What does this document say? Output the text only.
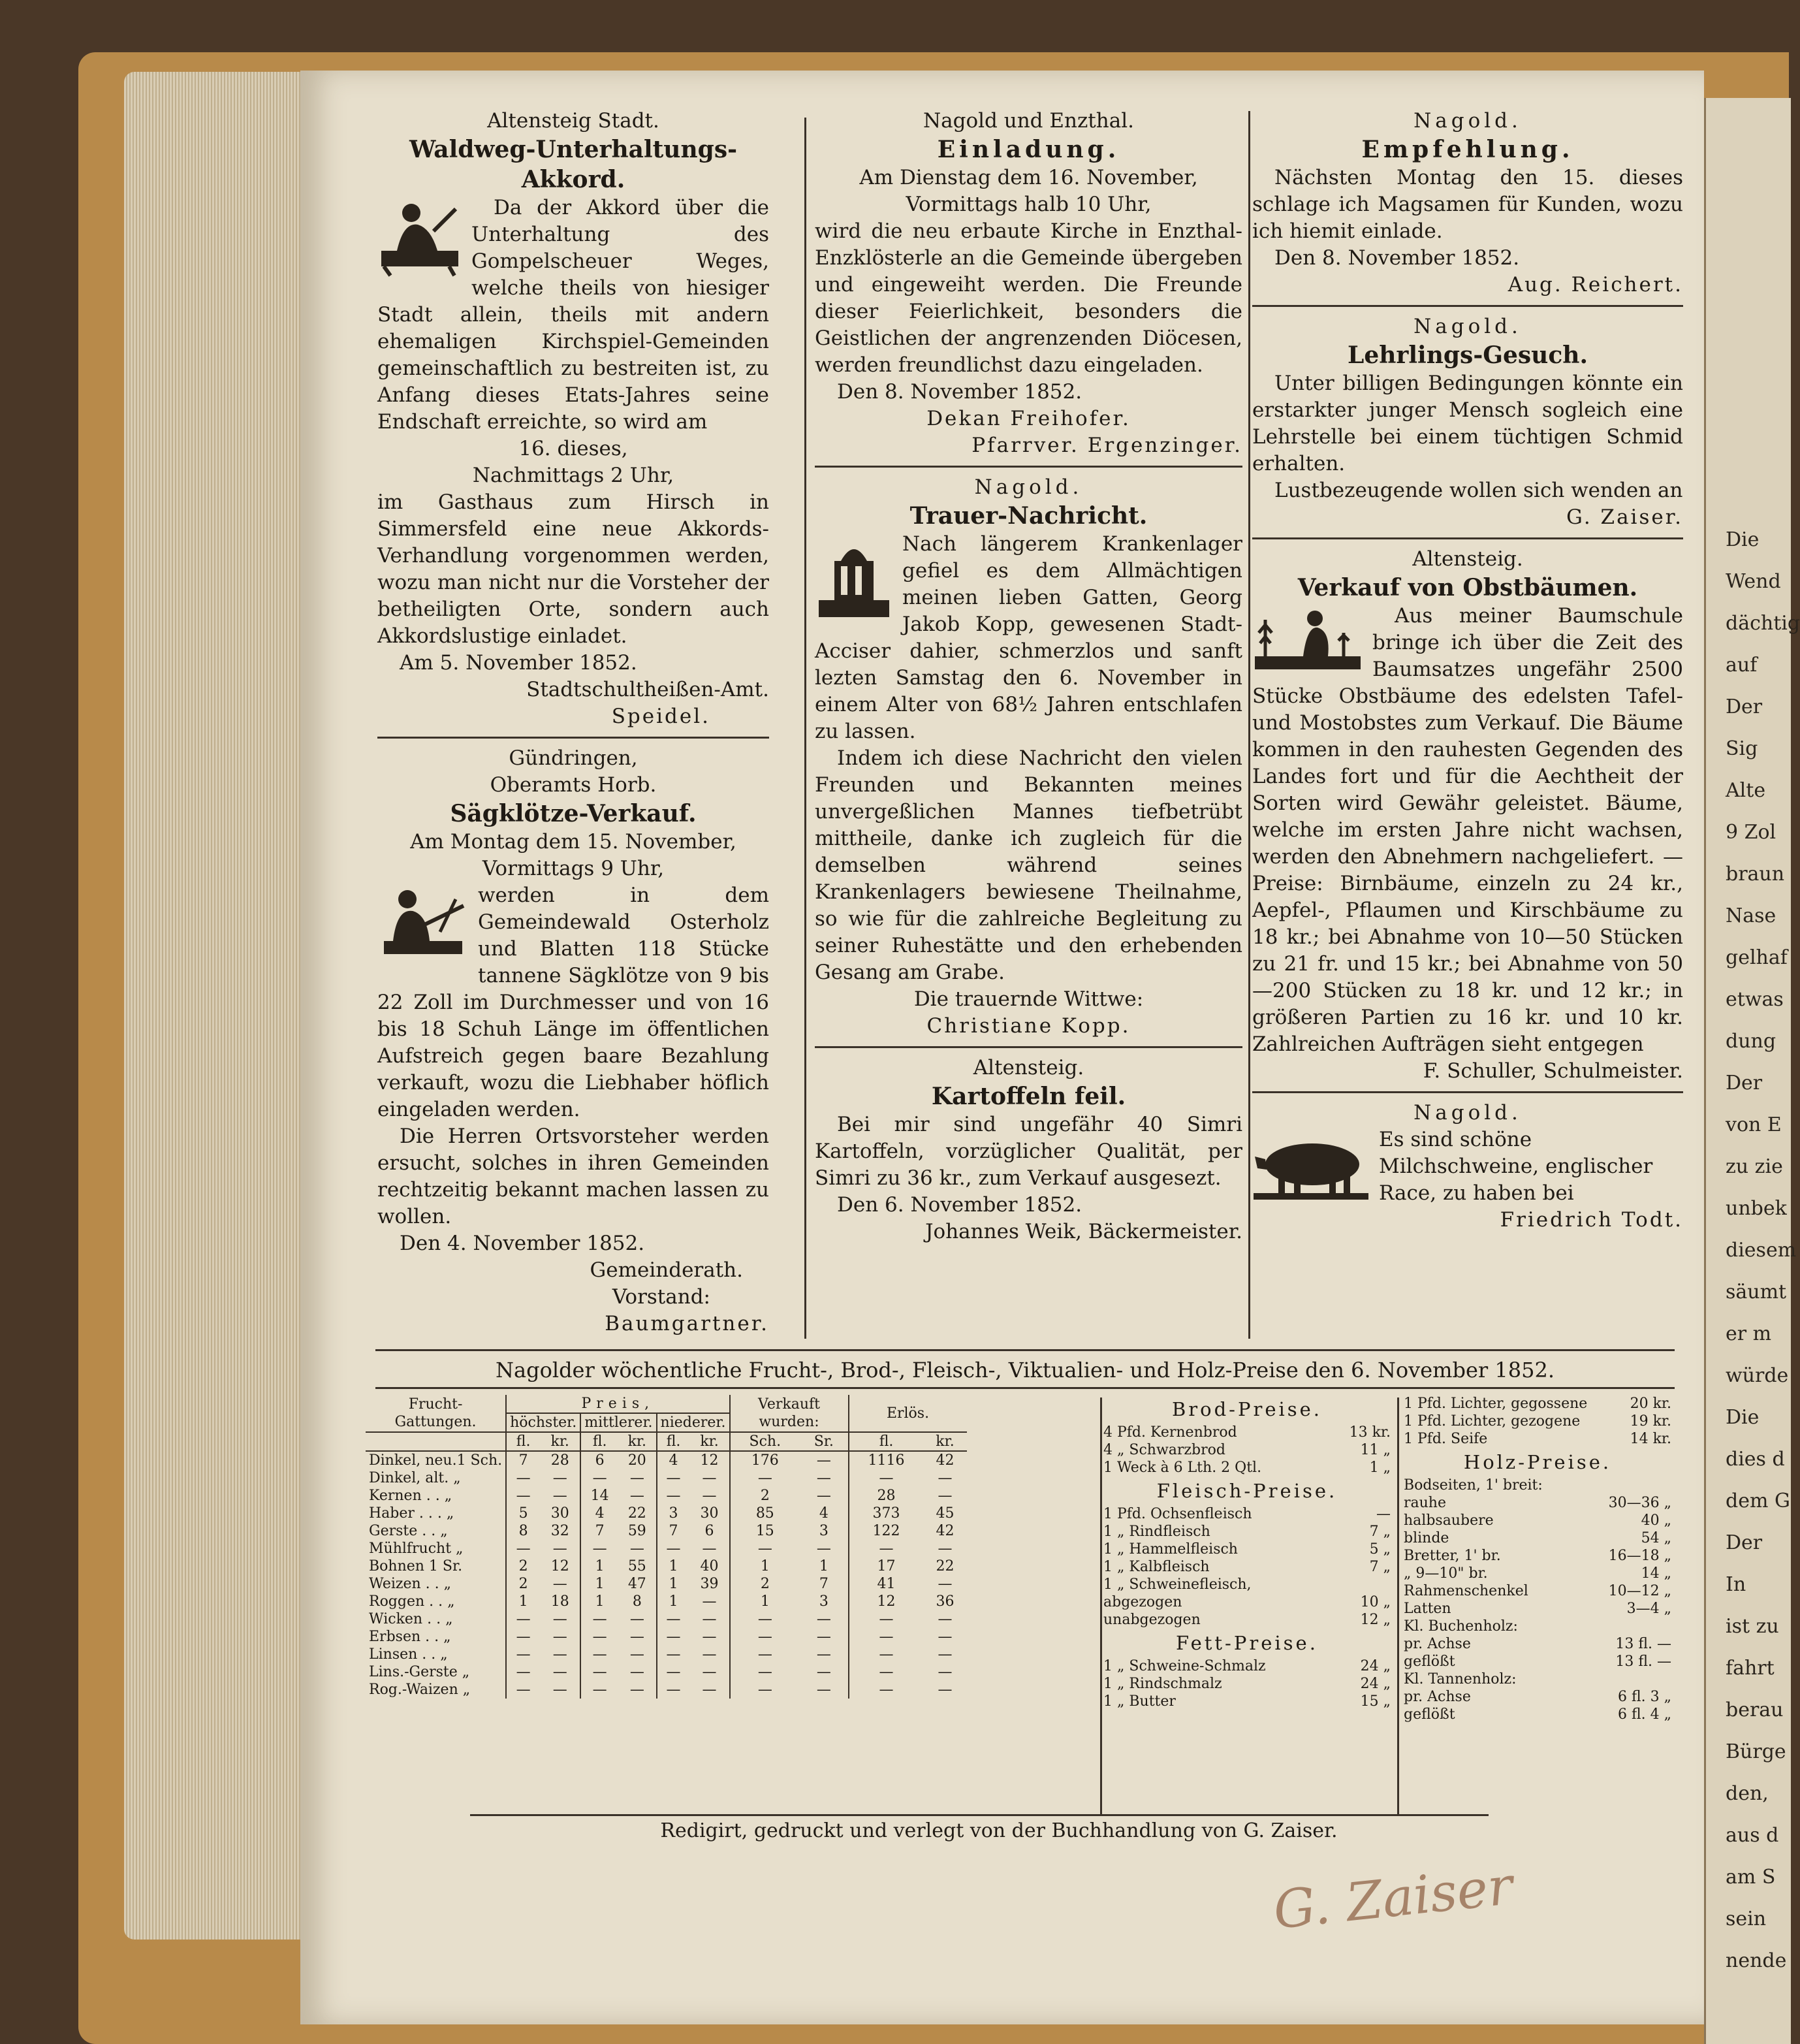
Die
Wend
dächtig
auf
Der
Sig
Alte
9 Zol
braun
Nase
gelhaf
etwas
dung
Der
von E
zu zie
unbek
diesem
säumt
er m
würde
Die
dies d
dem G
Der
In
ist zu
fahrt
berau
Bürge
den,
aus d
am S
sein
nende
Altensteig Stadt.
Waldweg-Unterhaltungs-Akkord.
Da der Akkord über die Unterhaltung des Gompelscheuer Weges, welche theils von hiesiger Stadt allein, theils mit andern ehemaligen Kirchspiel-Gemeinden gemeinschaftlich zu bestreiten ist, zu Anfang dieses Etats-Jahres seine Endschaft erreichte, so wird am
16. dieses,
Nachmittags 2 Uhr,
im Gasthaus zum Hirsch in Simmersfeld eine neue Akkords-Verhandlung vorgenommen werden, wozu man nicht nur die Vorsteher der betheiligten Orte, sondern auch Akkordslustige einladet.
Am 5. November 1852.
Stadtschultheißen-Amt.
Speidel.
Gündringen,
Oberamts Horb.
Sägklötze-Verkauf.
Am Montag dem 15. November,
Vormittags 9 Uhr,
werden in dem Gemeindewald Osterholz und Blatten 118 Stücke tannene Sägklötze von 9 bis 22 Zoll im Durchmesser und von 16 bis 18 Schuh Länge im öffentlichen Aufstreich gegen baare Bezahlung verkauft, wozu die Liebhaber höflich eingeladen werden.
Die Herren Ortsvorsteher werden ersucht, solches in ihren Gemeinden rechtzeitig bekannt machen lassen zu wollen.
Den 4. November 1852.
Gemeinderath.
Vorstand:
Baumgartner.
Nagold und Enzthal.
Einladung.
Am Dienstag dem 16. November,
Vormittags halb 10 Uhr,
wird die neu erbaute Kirche in Enzthal-Enzklösterle an die Gemeinde übergeben und eingeweiht werden. Die Freunde dieser Feierlichkeit, besonders die Geistlichen der angrenzenden Diöcesen, werden freundlichst dazu eingeladen.
Den 8. November 1852.
Dekan Freihofer.
Pfarrver. Ergenzinger.
Nagold.
Trauer-Nachricht.
Nach längerem Krankenlager gefiel es dem Allmächtigen meinen lieben Gatten, Georg Jakob Kopp, gewesenen Stadt-Acciser dahier, schmerzlos und sanft lezten Samstag den 6. November in einem Alter von 68½ Jahren entschlafen zu lassen.
Indem ich diese Nachricht den vielen Freunden und Bekannten meines unvergeßlichen Mannes tiefbetrübt mittheile, danke ich zugleich für die demselben während seines Krankenlagers bewiesene Theilnahme, so wie für die zahlreiche Begleitung zu seiner Ruhestätte und den erhebenden Gesang am Grabe.
Die trauernde Wittwe:
Christiane Kopp.
Altensteig.
Kartoffeln feil.
Bei mir sind ungefähr 40 Simri Kartoffeln, vorzüglicher Qualität, per Simri zu 36 kr., zum Verkauf ausgesezt.
Den 6. November 1852.
Johannes Weik, Bäckermeister.
Nagold.
Empfehlung.
Nächsten Montag den 15. dieses schlage ich Magsamen für Kunden, wozu ich hiemit einlade.
Den 8. November 1852.
Aug. Reichert.
Nagold.
Lehrlings-Gesuch.
Unter billigen Bedingungen könnte ein erstarkter junger Mensch sogleich eine Lehrstelle bei einem tüchtigen Schmid erhalten.
Lustbezeugende wollen sich wenden an
G. Zaiser.
Altensteig.
Verkauf von Obstbäumen.
Aus meiner Baumschule bringe ich über die Zeit des Baumsatzes ungefähr 2500 Stücke Obstbäume des edelsten Tafel- und Mostobstes zum Verkauf. Die Bäume kommen in den rauhesten Gegenden des Landes fort und für die Aechtheit der Sorten wird Gewähr geleistet. Bäume, welche im ersten Jahre nicht wachsen, werden den Abnehmern nachgeliefert. — Preise: Birnbäume, einzeln zu 24 kr., Aepfel-, Pflaumen und Kirschbäume zu 18 kr.; bei Abnahme von 10—50 Stücken zu 21 fr. und 15 kr.; bei Abnahme von 50—200 Stücken zu 18 kr. und 12 kr.; in größeren Partien zu 16 kr. und 10 kr. Zahlreichen Aufträgen sieht entgegen
F. Schuller, Schulmeister.
Nagold.
Es sind schöne Milchschweine, englischer Race, zu haben bei
Friedrich Todt.
Nagolder wöchentliche Frucht-, Brod-, Fleisch-, Viktualien- und Holz-Preise den 6. November 1852.
Frucht-Gattungen.	Preis,						Verkauft wurden:		Erlös.	
	höchster.		mittlerer.		niederer.					
	fl.	kr.	fl.	kr.	fl.	kr.	Sch.	Sr.	fl.	kr.
Dinkel, neu.1 Sch.	7	28	6	20	4	12	176	—	1116	42
Dinkel, alt. „	—	—	—	—	—	—	—	—	—	—
Kernen . . „	—	—	14	—	—	—	2	—	28	—
Haber . . . „	5	30	4	22	3	30	85	4	373	45
Gerste . . „	8	32	7	59	7	6	15	3	122	42
Mühlfrucht „	—	—	—	—	—	—	—	—	—	—
Bohnen 1 Sr.	2	12	1	55	1	40	1	1	17	22
Weizen . . „	2	—	1	47	1	39	2	7	41	—
Roggen . . „	1	18	1	8	1	—	1	3	12	36
Wicken . . „	—	—	—	—	—	—	—	—	—	—
Erbsen . . „	—	—	—	—	—	—	—	—	—	—
Linsen . . „	—	—	—	—	—	—	—	—	—	—
Lins.-Gerste „	—	—	—	—	—	—	—	—	—	—
Rog.-Waizen „	—	—	—	—	—	—	—	—	—	—
Brod-Preise.
4 Pfd. Kernenbrod	13 kr.
4 „ Schwarzbrod	11 „
1 Weck à 6 Lth. 2 Qtl.	1 „
Fleisch-Preise.
1 Pfd. Ochsenfleisch	—
1 „ Rindfleisch	7 „
1 „ Hammelfleisch	5 „
1 „ Kalbfleisch	7 „
1 „ Schweinefleisch,
abgezogen	10 „
unabgezogen	12 „
Fett-Preise.
1 „ Schweine-Schmalz	24 „
1 „ Rindschmalz	24 „
1 „ Butter	15 „
1 Pfd. Lichter, gegossene	20 kr.
1 Pfd. Lichter, gezogene	19 kr.
1 Pfd. Seife	14 kr.
Holz-Preise.
Bodseiten, 1' breit:
rauhe	30—36 „
halbsaubere	40 „
blinde	54 „
Bretter, 1' br.	16—18 „
„ 9—10" br.	14 „
Rahmenschenkel	10—12 „
Latten	3—4 „
Kl. Buchenholz:
pr. Achse	13 fl. —
geflößt	13 fl. —
Kl. Tannenholz:
pr. Achse	6 fl. 3 „
geflößt	6 fl. 4 „
Redigirt, gedruckt und verlegt von der Buchhandlung von G. Zaiser.
G. Zaiser
